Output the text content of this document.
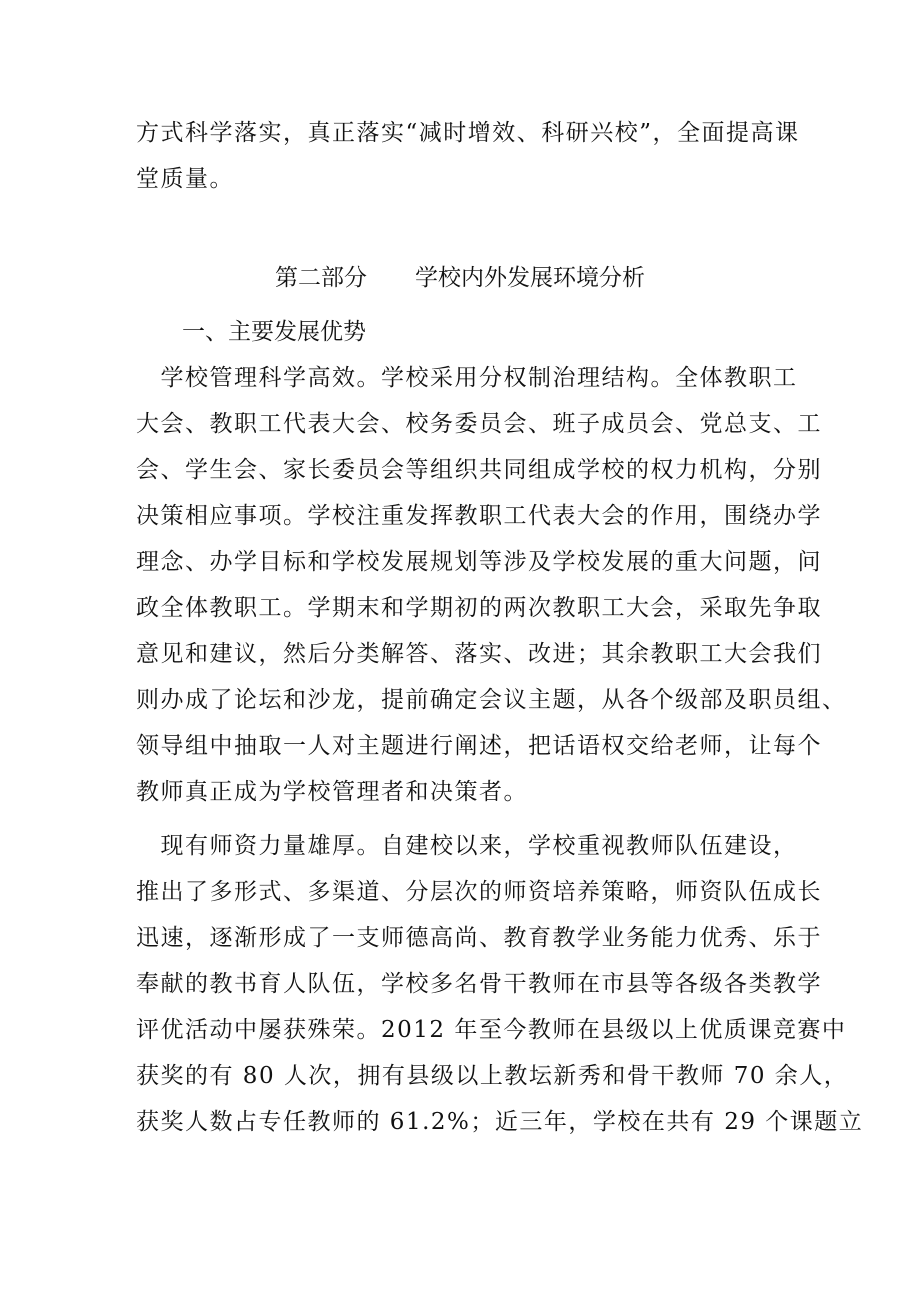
方式科学落实，真正落实“减时增效、科研兴校”，全面提高课
堂质量。
第二部分 学校内外发展环境分析
一、主要发展优势
　学校管理科学高效。学校采用分权制治理结构。全体教职工
大会、教职工代表大会、校务委员会、班子成员会、党总支、工
会、学生会、家长委员会等组织共同组成学校的权力机构，分别
决策相应事项。学校注重发挥教职工代表大会的作用，围绕办学
理念、办学目标和学校发展规划等涉及学校发展的重大问题，问
政全体教职工。学期末和学期初的两次教职工大会，采取先争取
意见和建议，然后分类解答、落实、改进；其余教职工大会我们
则办成了论坛和沙龙，提前确定会议主题，从各个级部及职员组、
领导组中抽取一人对主题进行阐述，把话语权交给老师，让每个
教师真正成为学校管理者和决策者。
　现有师资力量雄厚。自建校以来，学校重视教师队伍建设，
推出了多形式、多渠道、分层次的师资培养策略，师资队伍成长
迅速，逐渐形成了一支师德高尚、教育教学业务能力优秀、乐于
奉献的教书育人队伍，学校多名骨干教师在市县等各级各类教学
评优活动中屡获殊荣。2012 年至今教师在县级以上优质课竞赛中
获奖的有 80 人次，拥有县级以上教坛新秀和骨干教师 70 余人，
获奖人数占专任教师的 61.2%；近三年，学校在共有 29 个课题立
